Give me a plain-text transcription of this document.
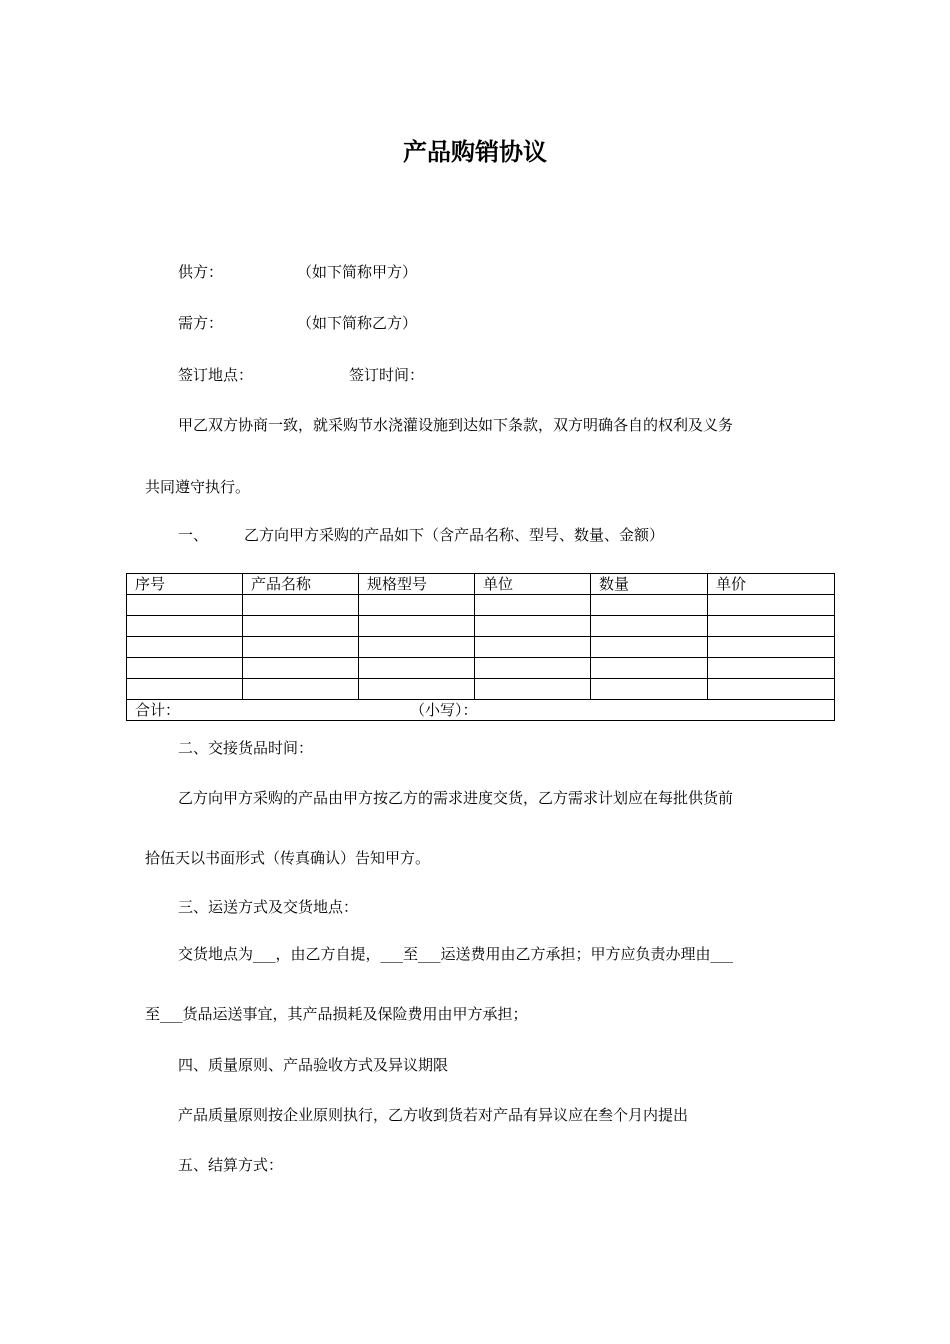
产品购销协议
供方：	（如下简称甲方）
需方：	（如下简称乙方）
签订地点：	签订时间：
甲乙双方协商一致，就采购节水浇灌设施到达如下条款，双方明确各自的权利及义务
共同遵守执行。
一、 乙方向甲方采购的产品如下（含产品名称、型号、数量、金额）
序号	产品名称	规格型号	单位	数量	单价

合计： （小写）：					
二、交接货品时间：
乙方向甲方采购的产品由甲方按乙方的需求进度交货，乙方需求计划应在每批供货前
拾伍天以书面形式（传真确认）告知甲方。
三、运送方式及交货地点：
交货地点为___，由乙方自提，___至___运送费用由乙方承担；甲方应负责办理由___
至___货品运送事宜，其产品损耗及保险费用由甲方承担；
四、质量原则、产品验收方式及异议期限
产品质量原则按企业原则执行，乙方收到货若对产品有异议应在叁个月内提出
五、结算方式：
